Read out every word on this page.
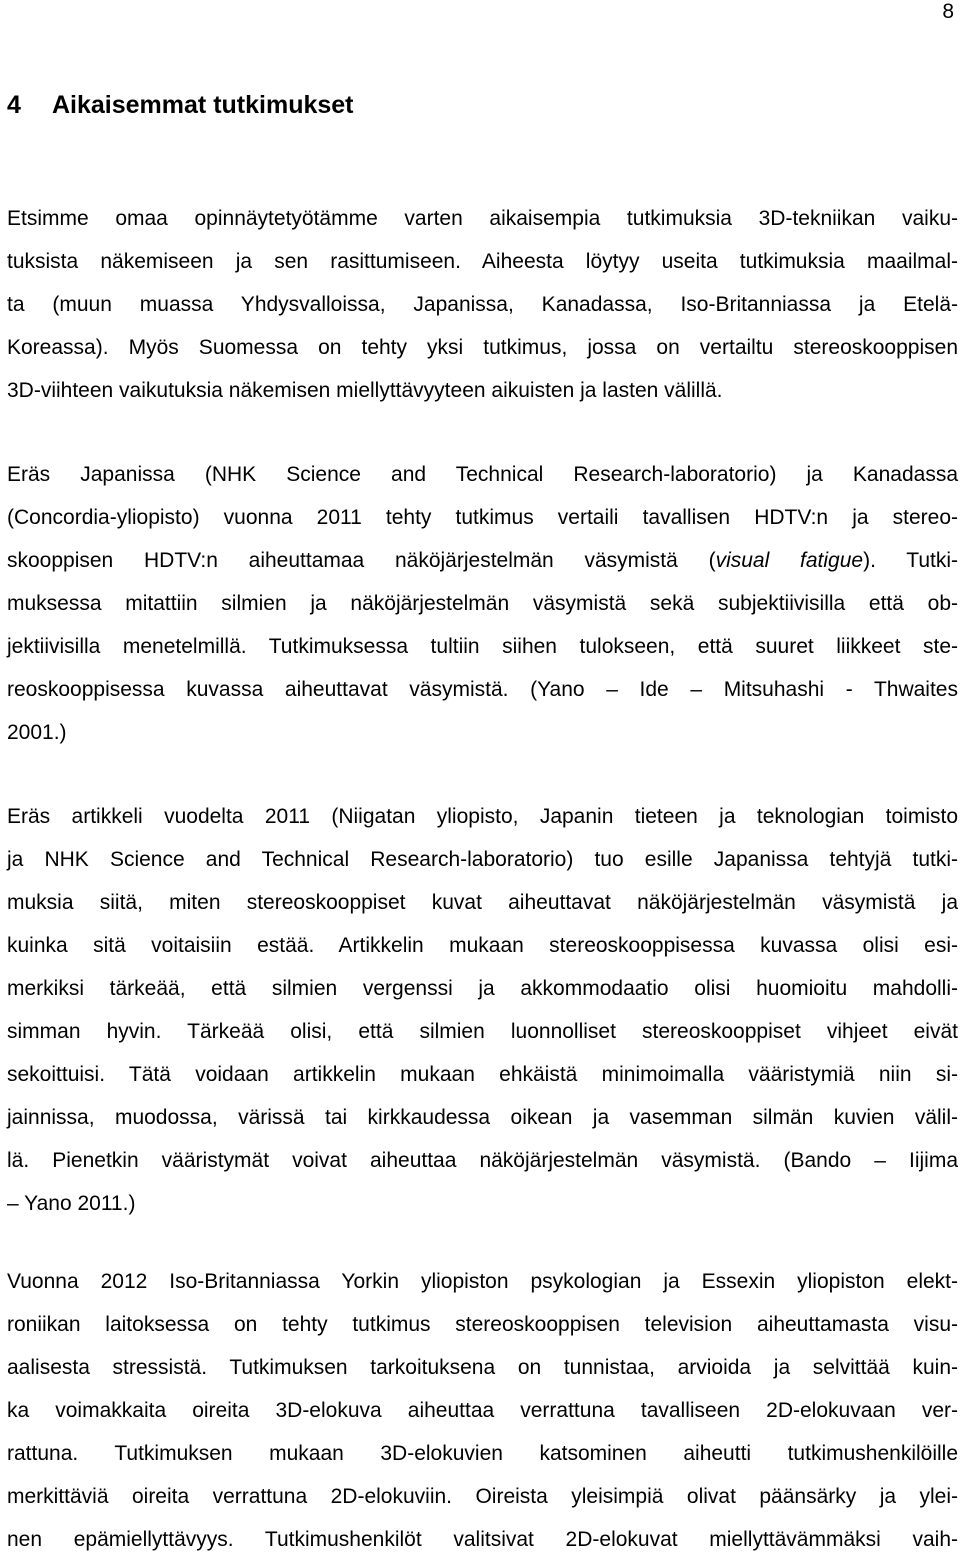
8
4 Aikaisemmat tutkimukset
Etsimme omaa opinnäytetyötämme varten aikaisempia tutkimuksia 3D-tekniikan vaiku-
tuksista näkemiseen ja sen rasittumiseen. Aiheesta löytyy useita tutkimuksia maailmal-
ta (muun muassa Yhdysvalloissa, Japanissa, Kanadassa, Iso-Britanniassa ja Etelä-
Koreassa). Myös Suomessa on tehty yksi tutkimus, jossa on vertailtu stereoskooppisen
3D-viihteen vaikutuksia näkemisen miellyttävyyteen aikuisten ja lasten välillä.
Eräs Japanissa (NHK Science and Technical Research-laboratorio) ja Kanadassa
(Concordia-yliopisto) vuonna 2011 tehty tutkimus vertaili tavallisen HDTV:n ja stereo-
skooppisen HDTV:n aiheuttamaa näköjärjestelmän väsymistä (visual fatigue). Tutki-
muksessa mitattiin silmien ja näköjärjestelmän väsymistä sekä subjektiivisilla että ob-
jektiivisilla menetelmillä. Tutkimuksessa tultiin siihen tulokseen, että suuret liikkeet ste-
reoskooppisessa kuvassa aiheuttavat väsymistä. (Yano – Ide – Mitsuhashi - Thwaites
2001.)
Eräs artikkeli vuodelta 2011 (Niigatan yliopisto, Japanin tieteen ja teknologian toimisto
ja NHK Science and Technical Research-laboratorio) tuo esille Japanissa tehtyjä tutki-
muksia siitä, miten stereoskooppiset kuvat aiheuttavat näköjärjestelmän väsymistä ja
kuinka sitä voitaisiin estää. Artikkelin mukaan stereoskooppisessa kuvassa olisi esi-
merkiksi tärkeää, että silmien vergenssi ja akkommodaatio olisi huomioitu mahdolli-
simman hyvin. Tärkeää olisi, että silmien luonnolliset stereoskooppiset vihjeet eivät
sekoittuisi. Tätä voidaan artikkelin mukaan ehkäistä minimoimalla vääristymiä niin si-
jainnissa, muodossa, värissä tai kirkkaudessa oikean ja vasemman silmän kuvien välil-
lä. Pienetkin vääristymät voivat aiheuttaa näköjärjestelmän väsymistä. (Bando – Iijima
– Yano 2011.)
Vuonna 2012 Iso-Britanniassa Yorkin yliopiston psykologian ja Essexin yliopiston elekt-
roniikan laitoksessa on tehty tutkimus stereoskooppisen television aiheuttamasta visu-
aalisesta stressistä. Tutkimuksen tarkoituksena on tunnistaa, arvioida ja selvittää kuin-
ka voimakkaita oireita 3D-elokuva aiheuttaa verrattuna tavalliseen 2D-elokuvaan ver-
rattuna. Tutkimuksen mukaan 3D-elokuvien katsominen aiheutti tutkimushenkilöille
merkittäviä oireita verrattuna 2D-elokuviin. Oireista yleisimpiä olivat päänsärky ja ylei-
nen epämiellyttävyys. Tutkimushenkilöt valitsivat 2D-elokuvat miellyttävämmäksi vaih-
